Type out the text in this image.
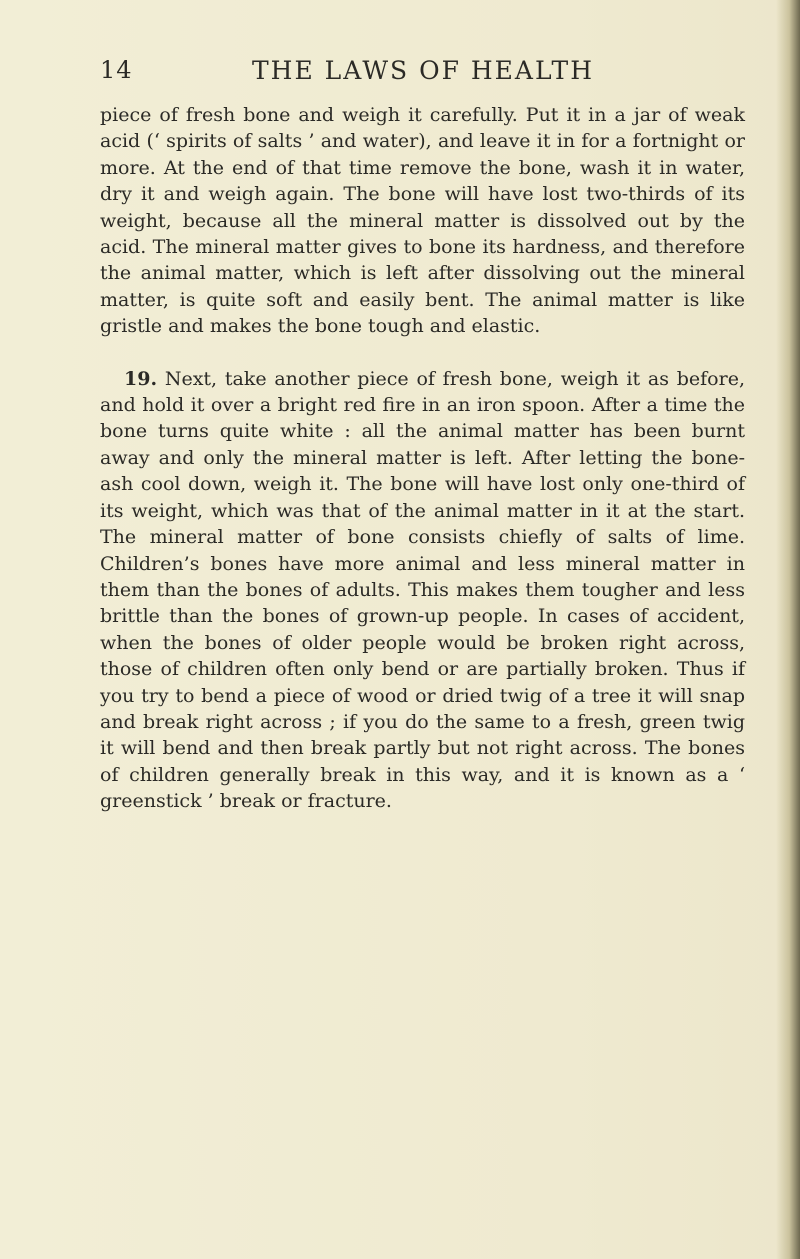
14	THE LAWS OF HEALTH

piece of fresh bone and weigh it carefully. Put it in a jar of weak acid (‘ spirits of salts ’ and water), and leave it in for a fortnight or more. At the end of that time remove the bone, wash it in water, dry it and weigh again. The bone will have lost two-thirds of its weight, because all the mineral matter is dissolved out by the acid. The mineral matter gives to bone its hardness, and therefore the animal matter, which is left after dissolving out the mineral matter, is quite soft and easily bent. The animal matter is like gristle and makes the bone tough and elastic.

19. Next, take another piece of fresh bone, weigh it as before, and hold it over a bright red fire in an iron spoon. After a time the bone turns quite white : all the animal matter has been burnt away and only the mineral matter is left. After letting the bone-ash cool down, weigh it. The bone will have lost only one-third of its weight, which was that of the animal matter in it at the start. The mineral matter of bone consists chiefly of salts of lime. Children’s bones have more animal and less mineral matter in them than the bones of adults. This makes them tougher and less brittle than the bones of grown-up people. In cases of accident, when the bones of older people would be broken right across, those of children often only bend or are partially broken. Thus if you try to bend a piece of wood or dried twig of a tree it will snap and break right across ; if you do the same to a fresh, green twig it will bend and then break partly but not right across. The bones of children generally break in this way, and it is known as a ‘ greenstick ’ break or fracture.
